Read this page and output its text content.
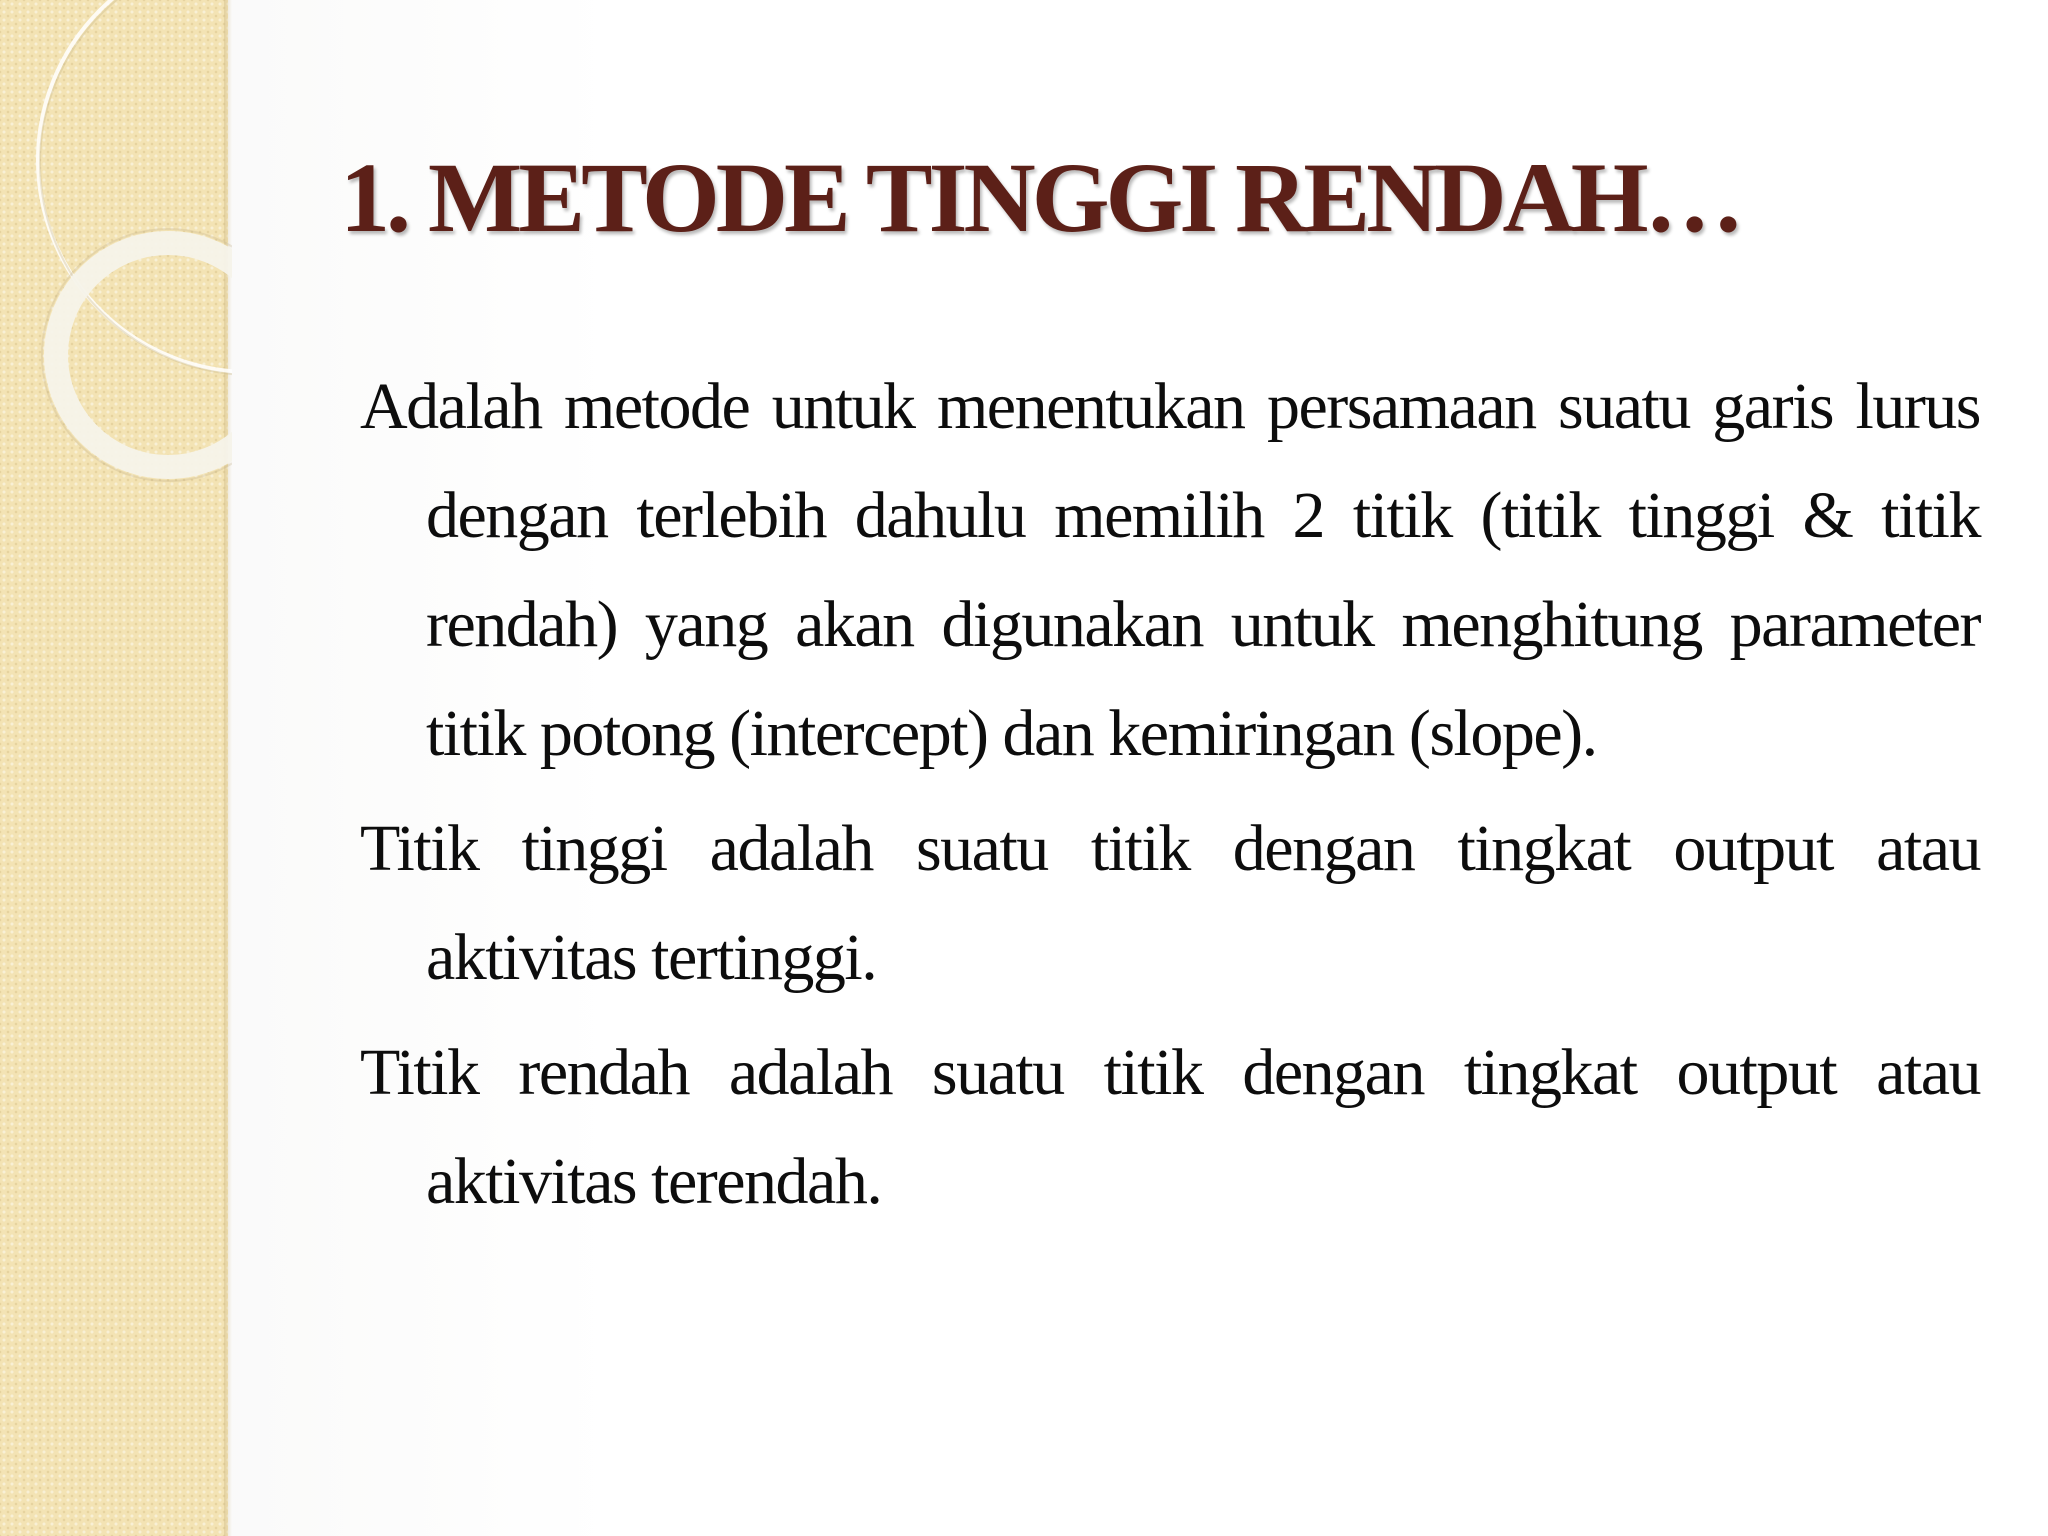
1. METODE TINGGI RENDAH…

Adalah metode untuk menentukan persamaan suatu garis lurus dengan terlebih dahulu memilih 2 titik (titik tinggi & titik rendah) yang akan digunakan untuk menghitung parameter titik potong (intercept) dan kemiringan (slope).

Titik tinggi adalah suatu titik dengan tingkat output atau aktivitas tertinggi.

Titik rendah adalah suatu titik dengan tingkat output atau aktivitas terendah.
